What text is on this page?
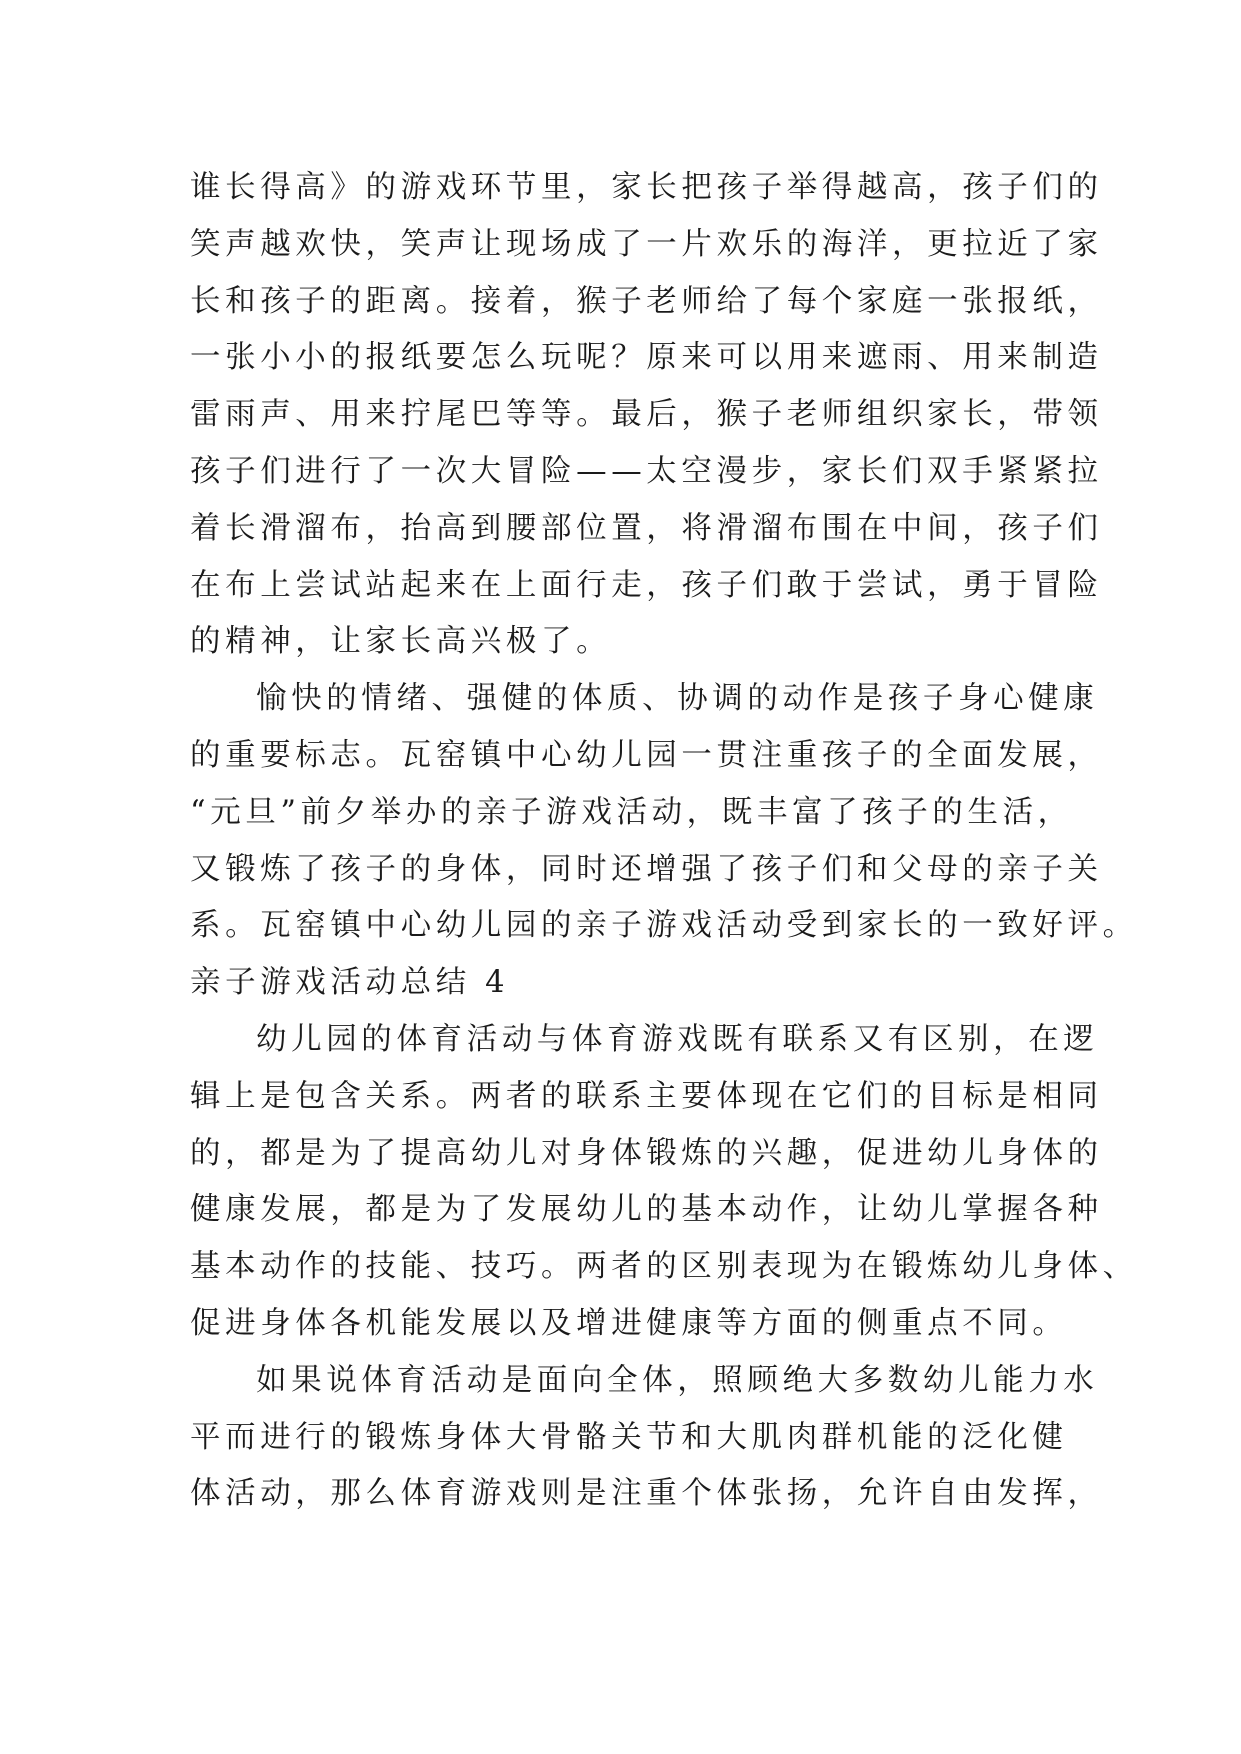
谁长得高》的游戏环节里，家长把孩子举得越高，孩子们的
笑声越欢快，笑声让现场成了一片欢乐的海洋，更拉近了家
长和孩子的距离。接着，猴子老师给了每个家庭一张报纸，
一张小小的报纸要怎么玩呢？原来可以用来遮雨、用来制造
雷雨声、用来拧尾巴等等。最后，猴子老师组织家长，带领
孩子们进行了一次大冒险——太空漫步，家长们双手紧紧拉
着长滑溜布，抬高到腰部位置，将滑溜布围在中间，孩子们
在布上尝试站起来在上面行走，孩子们敢于尝试，勇于冒险
的精神，让家长高兴极了。
愉快的情绪、强健的体质、协调的动作是孩子身心健康
的重要标志。瓦窑镇中心幼儿园一贯注重孩子的全面发展，
“元旦”前夕举办的亲子游戏活动，既丰富了孩子的生活，
又锻炼了孩子的身体，同时还增强了孩子们和父母的亲子关
系。瓦窑镇中心幼儿园的亲子游戏活动受到家长的一致好评。
亲子游戏活动总结 4
幼儿园的体育活动与体育游戏既有联系又有区别，在逻
辑上是包含关系。两者的联系主要体现在它们的目标是相同
的，都是为了提高幼儿对身体锻炼的兴趣，促进幼儿身体的
健康发展，都是为了发展幼儿的基本动作，让幼儿掌握各种
基本动作的技能、技巧。两者的区别表现为在锻炼幼儿身体、
促进身体各机能发展以及增进健康等方面的侧重点不同。
如果说体育活动是面向全体，照顾绝大多数幼儿能力水
平而进行的锻炼身体大骨骼关节和大肌肉群机能的泛化健
体活动，那么体育游戏则是注重个体张扬，允许自由发挥，
